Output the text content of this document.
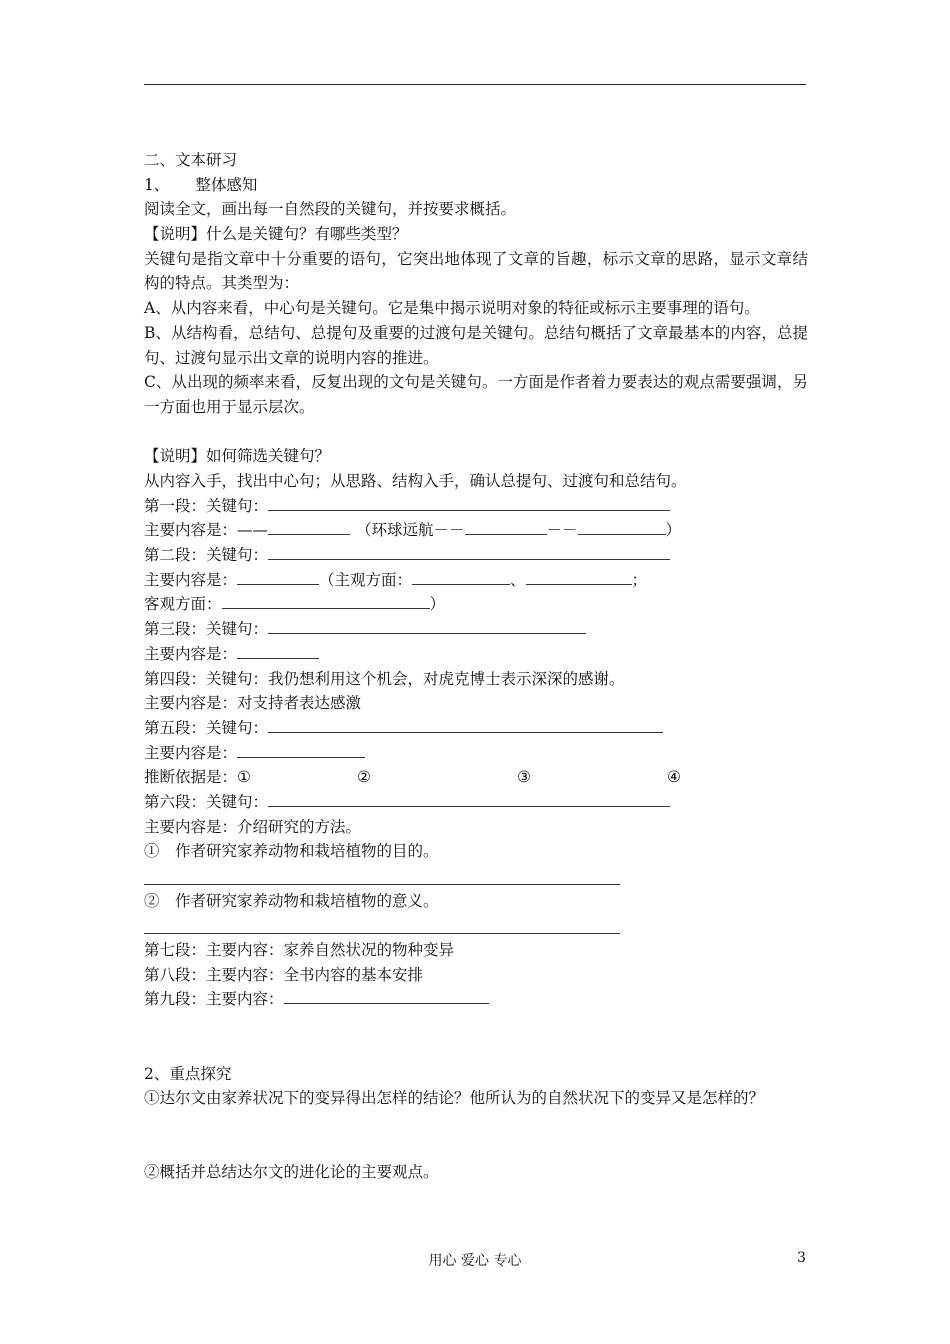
二、文本研习
1、 整体感知
阅读全文，画出每一自然段的关键句，并按要求概括。
【说明】什么是关键句？有哪些类型？
关键句是指文章中十分重要的语句，它突出地体现了文章的旨趣，标示文章的思路，显示文章结构的特点。其类型为：
A、从内容来看，中心句是关键句。它是集中揭示说明对象的特征或标示主要事理的语句。
B、从结构看，总结句、总提句及重要的过渡句是关键句。总结句概括了文章最基本的内容，总提句、过渡句显示出文章的说明内容的推进。
C、从出现的频率来看，反复出现的文句是关键句。一方面是作者着力要表达的观点需要强调，另一方面也用于显示层次。
【说明】如何筛选关键句？
从内容入手，找出中心句；从思路、结构入手，确认总提句、过渡句和总结句。
第一段：关键句：
主要内容是：——	（环球远航－－	－－	）
第二段：关键句：
主要内容是：	（主观方面：	、	；
客观方面：	）
第三段：关键句：
主要内容是：
第四段：关键句：我仍想利用这个机会，对虎克博士表示深深的感谢。
主要内容是：对支持者表达感激
第五段：关键句：
主要内容是：
推断依据是：①	②	③	④
第六段：关键句：
主要内容是：介绍研究的方法。
①　作者研究家养动物和栽培植物的目的。
②　作者研究家养动物和栽培植物的意义。
第七段：主要内容：家养自然状况的物种变异
第八段：主要内容：全书内容的基本安排
第九段：主要内容：
2、重点探究
①达尔文由家养状况下的变异得出怎样的结论？他所认为的自然状况下的变异又是怎样的？
②概括并总结达尔文的进化论的主要观点。
用心 爱心 专心	3
